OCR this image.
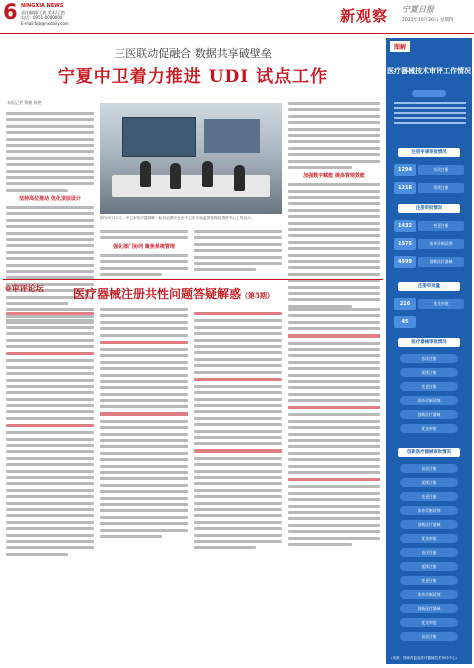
6 NINGXIA NEWS
责任编辑/丁波 美术/王艳
电话：0951-0000000
E-mail:bjb@nxdaily.com	新观察 宁夏日报
2023年10月26日 星期四
三医联动促融合 数据共享破壁垒
宁夏中卫着力推进 UDI 试点工作
本报记者 曹鹏 杨艳
坚持高位推动 优化顶层设计
图为9月11日，中卫市医疗器械唯一标识追溯平台在中卫市市场监督管理局指挥中心上线运行。
强化部门协同 聚焦系统管理
加强数字赋能 提高管理效能
图解
医疗器械技术审评工作情况
注册申请审批情况
1294	首次注册
1216	延续注册
注册审批情况
1432	变更注册
1575	体外诊断试剂
4599	创新医疗器械
注册审批量
216	优先审批
45
医疗器械审批情况
首次注册
延续注册
变更注册
体外诊断试剂
创新医疗器械
优先审批
创新医疗器械审批情况
首次注册
延续注册
变更注册
体外诊断试剂
创新医疗器械
优先审批
首次注册
延续注册
变更注册
体外诊断试剂
创新医疗器械
优先审批
首次注册
（来源：国家药监局医疗器械技术审评中心）
❁审评论坛 医疗器械注册共性问题答疑解惑（第5期）
